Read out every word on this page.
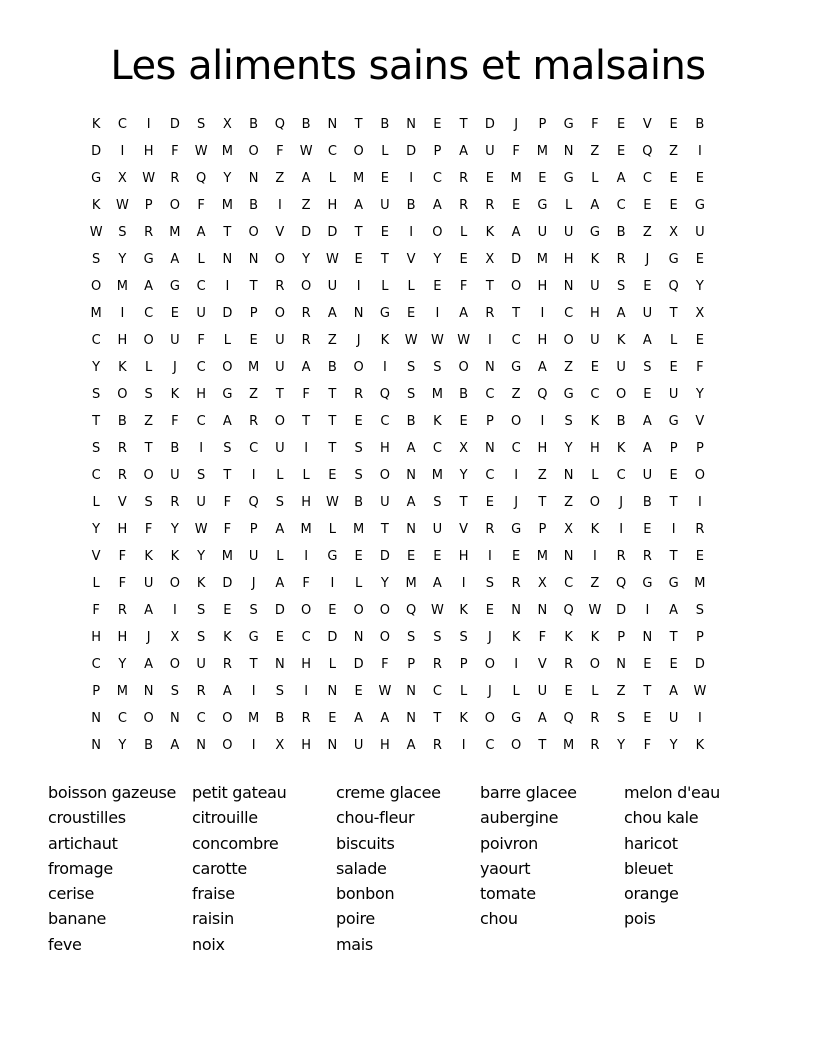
Les aliments sains et malsains
K	C	I	D	S	X	B	Q	B	N	T	B	N	E	T	D	J	P	G	F	E	V	E	B
D	I	H	F	W	M	O	F	W	C	O	L	D	P	A	U	F	M	N	Z	E	Q	Z	I
G	X	W	R	Q	Y	N	Z	A	L	M	E	I	C	R	E	M	E	G	L	A	C	E	E
K	W	P	O	F	M	B	I	Z	H	A	U	B	A	R	R	E	G	L	A	C	E	E	G
W	S	R	M	A	T	O	V	D	D	T	E	I	O	L	K	A	U	U	G	B	Z	X	U
S	Y	G	A	L	N	N	O	Y	W	E	T	V	Y	E	X	D	M	H	K	R	J	G	E
O	M	A	G	C	I	T	R	O	U	I	L	L	E	F	T	O	H	N	U	S	E	Q	Y
M	I	C	E	U	D	P	O	R	A	N	G	E	I	A	R	T	I	C	H	A	U	T	X
C	H	O	U	F	L	E	U	R	Z	J	K	W	W	W	I	C	H	O	U	K	A	L	E
Y	K	L	J	C	O	M	U	A	B	O	I	S	S	O	N	G	A	Z	E	U	S	E	F
S	O	S	K	H	G	Z	T	F	T	R	Q	S	M	B	C	Z	Q	G	C	O	E	U	Y
T	B	Z	F	C	A	R	O	T	T	E	C	B	K	E	P	O	I	S	K	B	A	G	V
S	R	T	B	I	S	C	U	I	T	S	H	A	C	X	N	C	H	Y	H	K	A	P	P
C	R	O	U	S	T	I	L	L	E	S	O	N	M	Y	C	I	Z	N	L	C	U	E	O
L	V	S	R	U	F	Q	S	H	W	B	U	A	S	T	E	J	T	Z	O	J	B	T	I
Y	H	F	Y	W	F	P	A	M	L	M	T	N	U	V	R	G	P	X	K	I	E	I	R
V	F	K	K	Y	M	U	L	I	G	E	D	E	E	H	I	E	M	N	I	R	R	T	E
L	F	U	O	K	D	J	A	F	I	L	Y	M	A	I	S	R	X	C	Z	Q	G	G	M
F	R	A	I	S	E	S	D	O	E	O	O	Q	W	K	E	N	N	Q	W	D	I	A	S
H	H	J	X	S	K	G	E	C	D	N	O	S	S	S	J	K	F	K	K	P	N	T	P
C	Y	A	O	U	R	T	N	H	L	D	F	P	R	P	O	I	V	R	O	N	E	E	D
P	M	N	S	R	A	I	S	I	N	E	W	N	C	L	J	L	U	E	L	Z	T	A	W
N	C	O	N	C	O	M	B	R	E	A	A	N	T	K	O	G	A	Q	R	S	E	U	I
N	Y	B	A	N	O	I	X	H	N	U	H	A	R	I	C	O	T	M	R	Y	F	Y	K
boisson gazeuse
croustilles
artichaut
fromage
cerise
banane
feve
petit gateau
citrouille
concombre
carotte
fraise
raisin
noix
creme glacee
chou-fleur
biscuits
salade
bonbon
poire
mais
barre glacee
aubergine
poivron
yaourt
tomate
chou
melon d'eau
chou kale
haricot
bleuet
orange
pois
